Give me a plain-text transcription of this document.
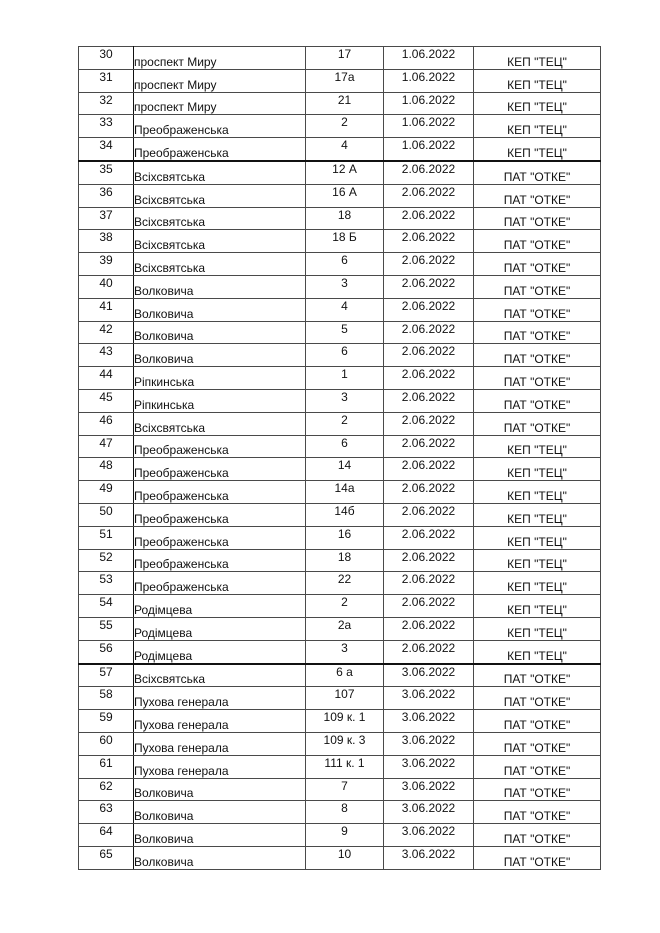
30	проспект Миру	17	1.06.2022	КЕП "ТЕЦ"
31	проспект Миру	17а	1.06.2022	КЕП "ТЕЦ"
32	проспект Миру	21	1.06.2022	КЕП "ТЕЦ"
33	Преображенська	2	1.06.2022	КЕП "ТЕЦ"
34	Преображенська	4	1.06.2022	КЕП "ТЕЦ"
35	Всіхсвятська	12 А	2.06.2022	ПАТ "ОТКЕ"
36	Всіхсвятська	16 А	2.06.2022	ПАТ "ОТКЕ"
37	Всіхсвятська	18	2.06.2022	ПАТ "ОТКЕ"
38	Всіхсвятська	18 Б	2.06.2022	ПАТ "ОТКЕ"
39	Всіхсвятська	6	2.06.2022	ПАТ "ОТКЕ"
40	Волковича	3	2.06.2022	ПАТ "ОТКЕ"
41	Волковича	4	2.06.2022	ПАТ "ОТКЕ"
42	Волковича	5	2.06.2022	ПАТ "ОТКЕ"
43	Волковича	6	2.06.2022	ПАТ "ОТКЕ"
44	Ріпкинська	1	2.06.2022	ПАТ "ОТКЕ"
45	Ріпкинська	3	2.06.2022	ПАТ "ОТКЕ"
46	Всіхсвятська	2	2.06.2022	ПАТ "ОТКЕ"
47	Преображенська	6	2.06.2022	КЕП "ТЕЦ"
48	Преображенська	14	2.06.2022	КЕП "ТЕЦ"
49	Преображенська	14а	2.06.2022	КЕП "ТЕЦ"
50	Преображенська	14б	2.06.2022	КЕП "ТЕЦ"
51	Преображенська	16	2.06.2022	КЕП "ТЕЦ"
52	Преображенська	18	2.06.2022	КЕП "ТЕЦ"
53	Преображенська	22	2.06.2022	КЕП "ТЕЦ"
54	Родімцева	2	2.06.2022	КЕП "ТЕЦ"
55	Родімцева	2а	2.06.2022	КЕП "ТЕЦ"
56	Родімцева	3	2.06.2022	КЕП "ТЕЦ"
57	Всіхсвятська	6 а	3.06.2022	ПАТ "ОТКЕ"
58	Пухова генерала	107	3.06.2022	ПАТ "ОТКЕ"
59	Пухова генерала	109 к. 1	3.06.2022	ПАТ "ОТКЕ"
60	Пухова генерала	109 к. 3	3.06.2022	ПАТ "ОТКЕ"
61	Пухова генерала	111 к. 1	3.06.2022	ПАТ "ОТКЕ"
62	Волковича	7	3.06.2022	ПАТ "ОТКЕ"
63	Волковича	8	3.06.2022	ПАТ "ОТКЕ"
64	Волковича	9	3.06.2022	ПАТ "ОТКЕ"
65	Волковича	10	3.06.2022	ПАТ "ОТКЕ"
